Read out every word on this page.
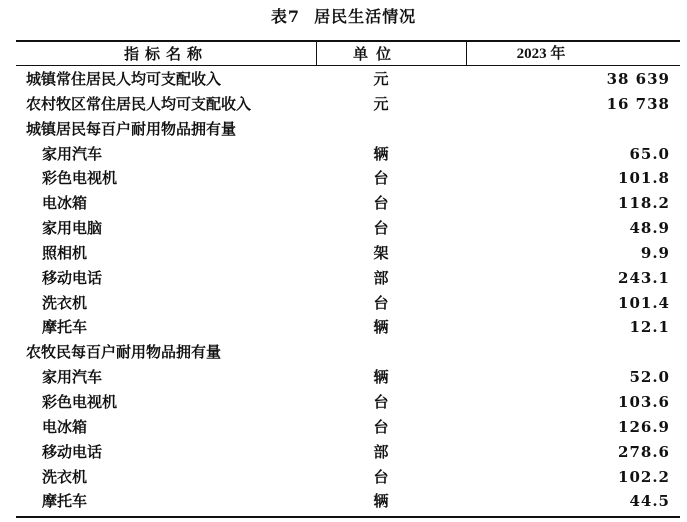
表7 居民生活情况
指标名称	单位	2023 年
城镇常住居民人均可支配收入	元	38 639
农村牧区常住居民人均可支配收入	元	16 738
城镇居民每百户耐用物品拥有量
家用汽车	辆	65.0
彩色电视机	台	101.8
电冰箱	台	118.2
家用电脑	台	48.9
照相机	架	9.9
移动电话	部	243.1
洗衣机	台	101.4
摩托车	辆	12.1
农牧民每百户耐用物品拥有量
家用汽车	辆	52.0
彩色电视机	台	103.6
电冰箱	台	126.9
移动电话	部	278.6
洗衣机	台	102.2
摩托车	辆	44.5
